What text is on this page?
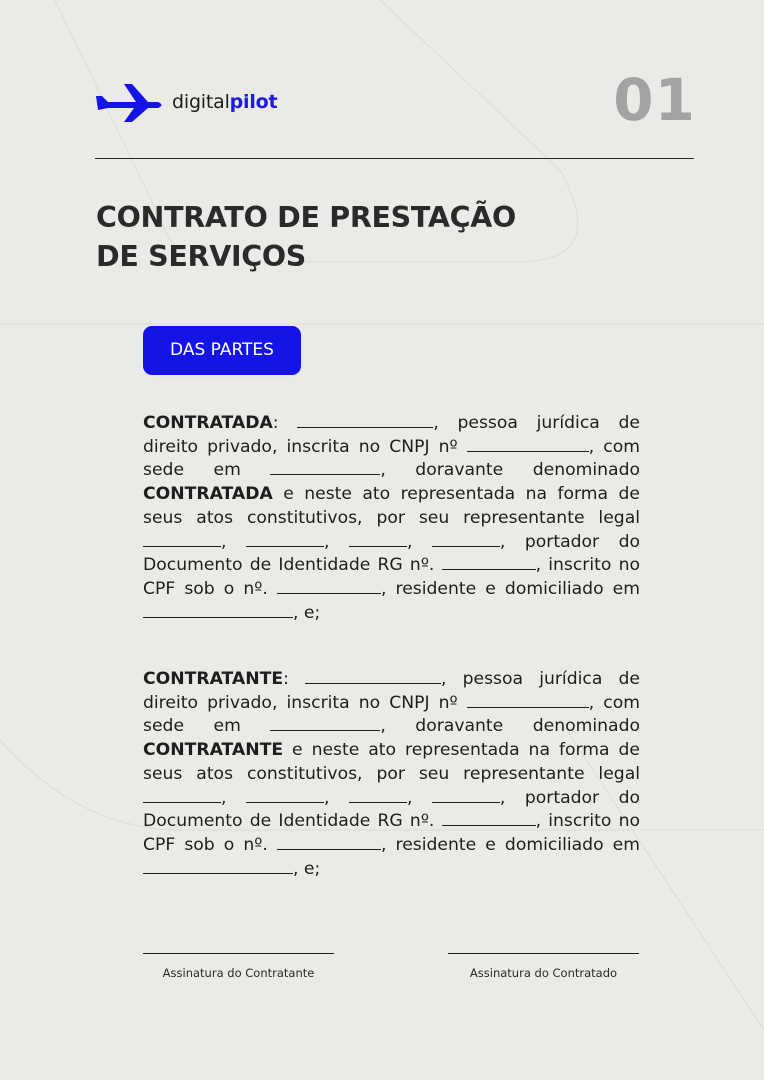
digitalpilot	01
CONTRATO DE PRESTAÇÃO
DE SERVIÇOS
DAS PARTES

CONTRATADA:	, pessoa jurídica de direito privado, inscrita no CNPJ nº	, com sede em	, doravante denominado CONTRATADA e neste ato representada na forma de seus atos constitutivos, por seu representante legal ,	,	,	, portador do Documento de Identidade RG nº.	, inscrito no CPF sob o nº.	, residente e domiciliado em , e;

CONTRATANTE:	, pessoa jurídica de direito privado, inscrita no CNPJ nº	, com sede em	, doravante denominado CONTRATANTE e neste ato representada na forma de seus atos constitutivos, por seu representante legal ,	,	,	, portador do Documento de Identidade RG nº.	, inscrito no CPF sob o nº.	, residente e domiciliado em , e;

Assinatura do Contratante	Assinatura do Contratado
